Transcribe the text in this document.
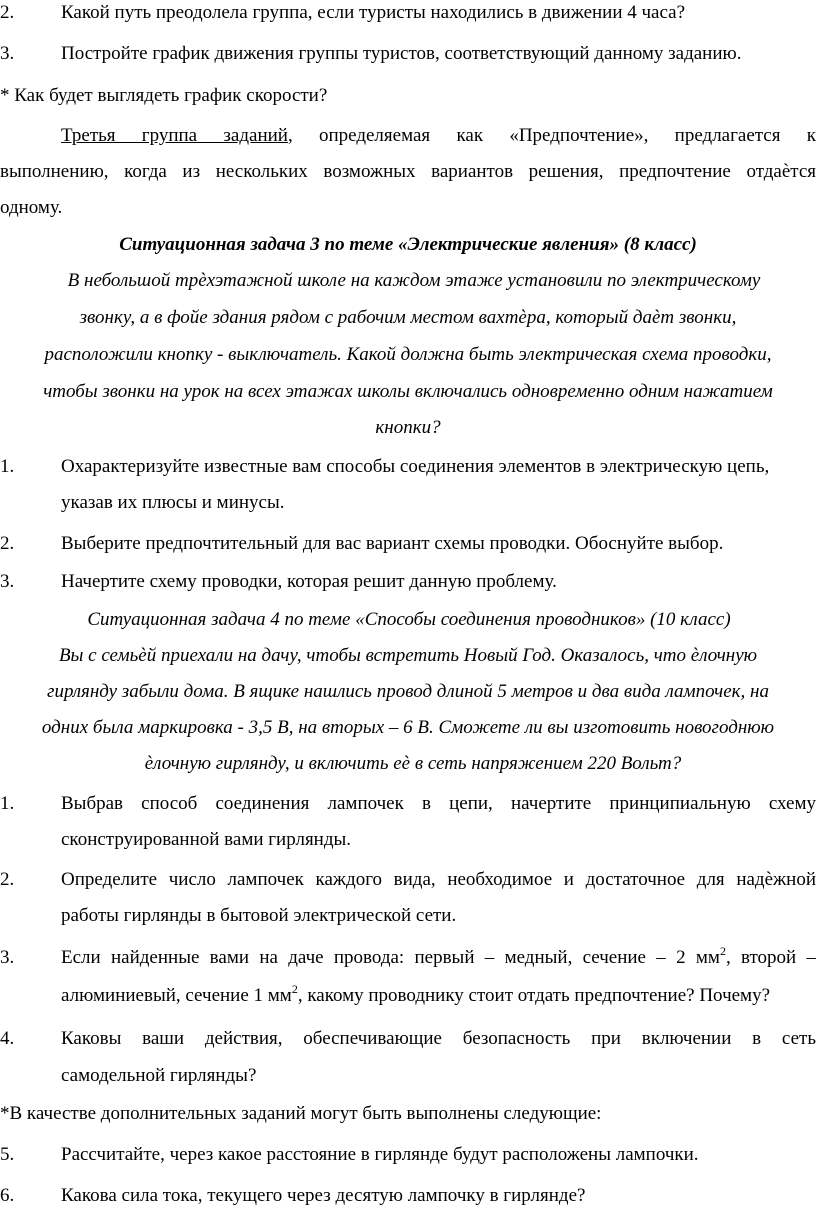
2. Какой путь преодолела группа, если туристы находились в движении 4 часа?
3. Постройте график движения группы туристов, соответствующий данному заданию.
* Как будет выглядеть график скорости?
Третья группа заданий, определяемая как «Предпочтение», предлагается к
выполнению, когда из нескольких возможных вариантов решения, предпочтение отдаѐтся
одному.
Ситуационная задача 3 по теме «Электрические явления» (8 класс)
В небольшой трѐхэтажной школе на каждом этаже установили по электрическому
звонку, а в фойе здания рядом с рабочим местом вахтѐра, который даѐт звонки,
расположили кнопку - выключатель. Какой должна быть электрическая схема проводки,
чтобы звонки на урок на всех этажах школы включались одновременно одним нажатием
кнопки?
1. Охарактеризуйте известные вам способы соединения элементов в электрическую цепь,
указав их плюсы и минусы.
2. Выберите предпочтительный для вас вариант схемы проводки. Обоснуйте выбор.
3. Начертите схему проводки, которая решит данную проблему.
Ситуационная задача 4 по теме «Способы соединения проводников» (10 класс)
Вы с семьѐй приехали на дачу, чтобы встретить Новый Год. Оказалось, что ѐлочную
гирлянду забыли дома. В ящике нашлись провод длиной 5 метров и два вида лампочек, на
одних была маркировка - 3,5 В, на вторых – 6 В. Сможете ли вы изготовить новогоднюю
ѐлочную гирлянду, и включить еѐ в сеть напряжением 220 Вольт?
1. Выбрав способ соединения лампочек в цепи, начертите принципиальную схему
сконструированной вами гирлянды.
2. Определите число лампочек каждого вида, необходимое и достаточное для надѐжной
работы гирлянды в бытовой электрической сети.
3. Если найденные вами на даче провода: первый – медный, сечение – 2 $мм^2$, второй –
алюминиевый, сечение 1 $мм^2$, какому проводнику стоит отдать предпочтение? Почему?
4. Каковы ваши действия, обеспечивающие безопасность при включении в сеть
самодельной гирлянды?
*В качестве дополнительных заданий могут быть выполнены следующие:
5. Рассчитайте, через какое расстояние в гирлянде будут расположены лампочки.
6. Какова сила тока, текущего через десятую лампочку в гирлянде?
